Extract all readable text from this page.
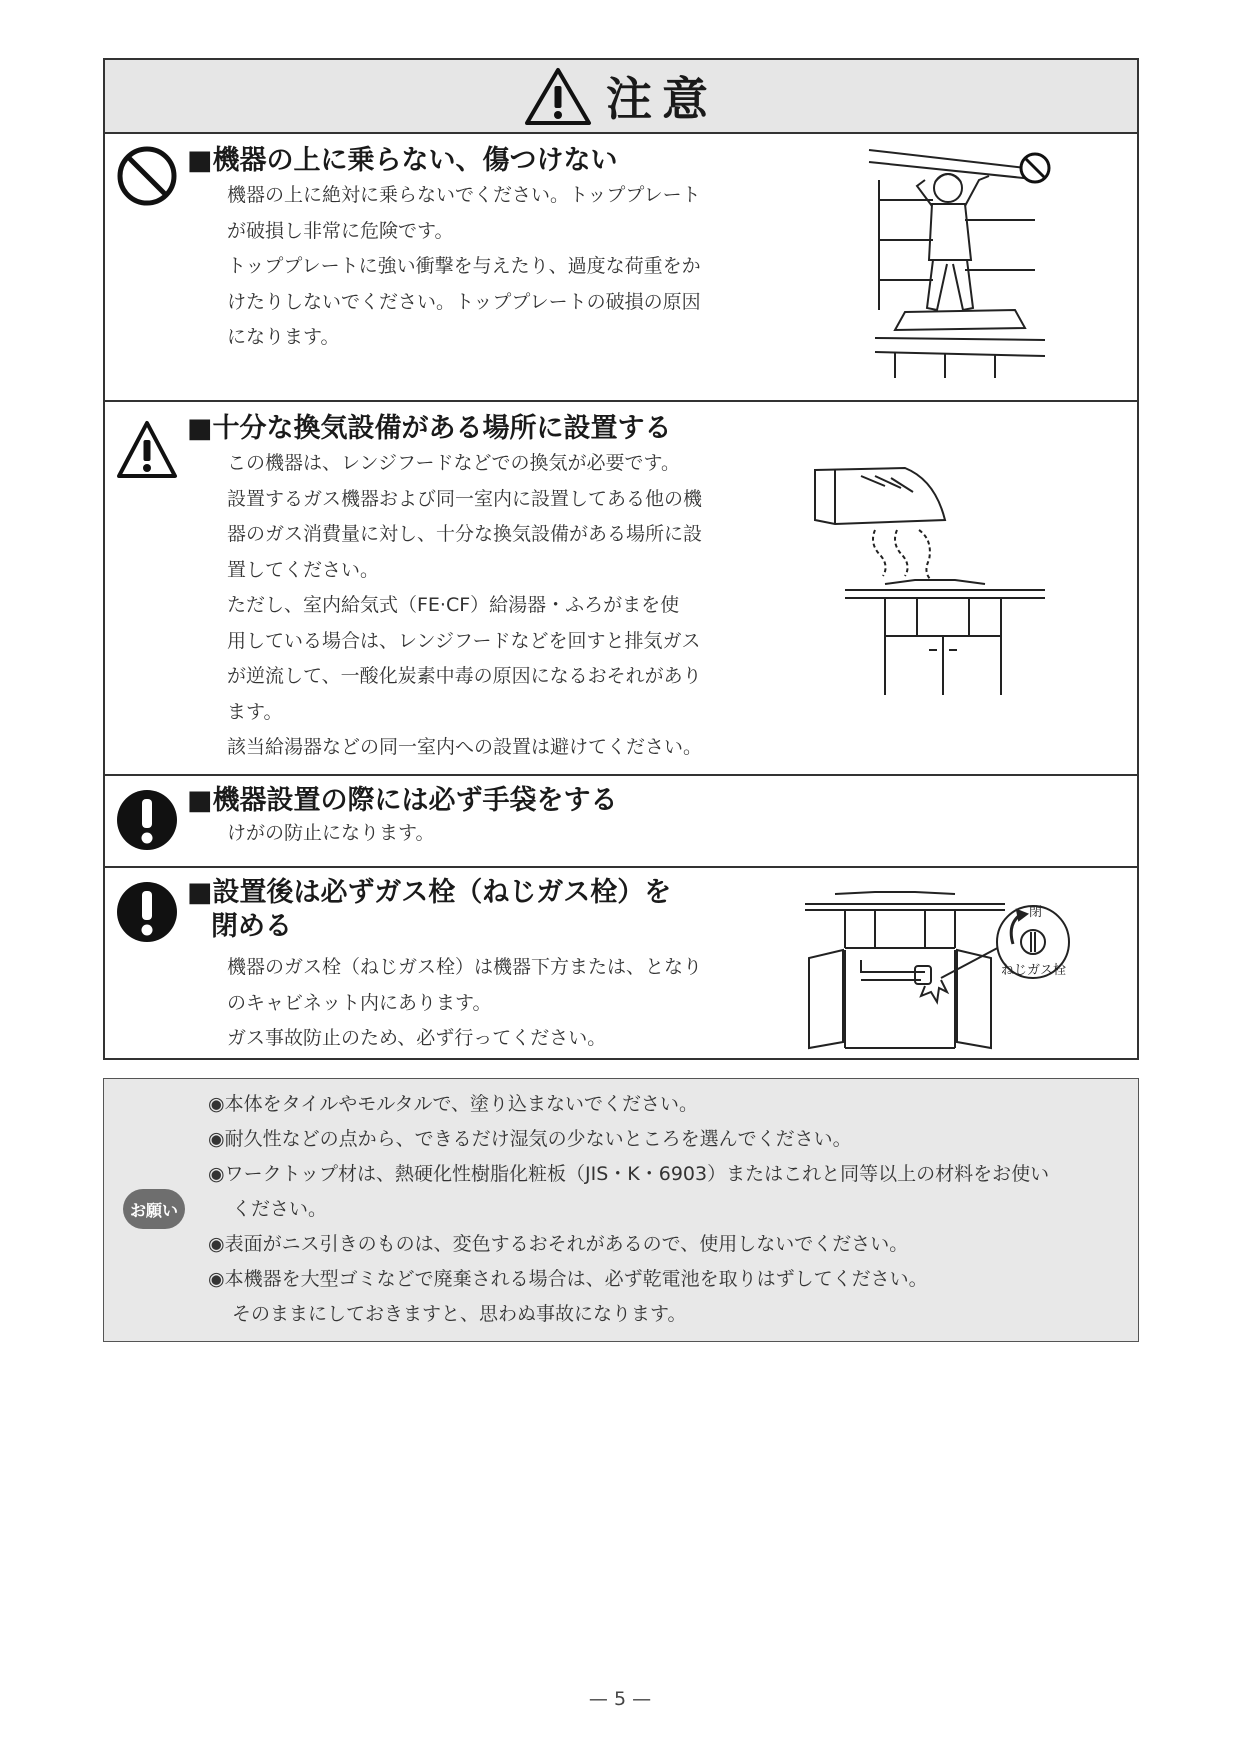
注意
■機器の上に乗らない、傷つけない

機器の上に絶対に乗らないでください。トッププレート

が破損し非常に危険です。

トッププレートに強い衝撃を与えたり、過度な荷重をか

けたりしないでください。トッププレートの破損の原因

になります。

■十分な換気設備がある場所に設置する

この機器は、レンジフードなどでの換気が必要です。

設置するガス機器および同一室内に設置してある他の機

器のガス消費量に対し、十分な換気設備がある場所に設

置してください。

ただし、室内給気式（FE·CF）給湯器・ふろがまを使

用している場合は、レンジフードなどを回すと排気ガス

が逆流して、一酸化炭素中毒の原因になるおそれがあり

ます。

該当給湯器などの同一室内への設置は避けてください。

■機器設置の際には必ず手袋をする

けがの防止になります。

■設置後は必ずガス栓（ねじガス栓）を
閉める

機器のガス栓（ねじガス栓）は機器下方または、となり

のキャビネット内にあります。

ガス事故防止のため、必ず行ってください。

閉
ねじガス栓
お願い

◉本体をタイルやモルタルで、塗り込まないでください。

◉耐久性などの点から、できるだけ湿気の少ないところを選んでください。

◉ワークトップ材は、熱硬化性樹脂化粧板（JIS・K・6903）またはこれと同等以上の材料をお使い

ください。

◉表面がニス引きのものは、変色するおそれがあるので、使用しないでください。

◉本機器を大型ゴミなどで廃棄される場合は、必ず乾電池を取りはずしてください。

そのままにしておきますと、思わぬ事故になります。

— 5 —
